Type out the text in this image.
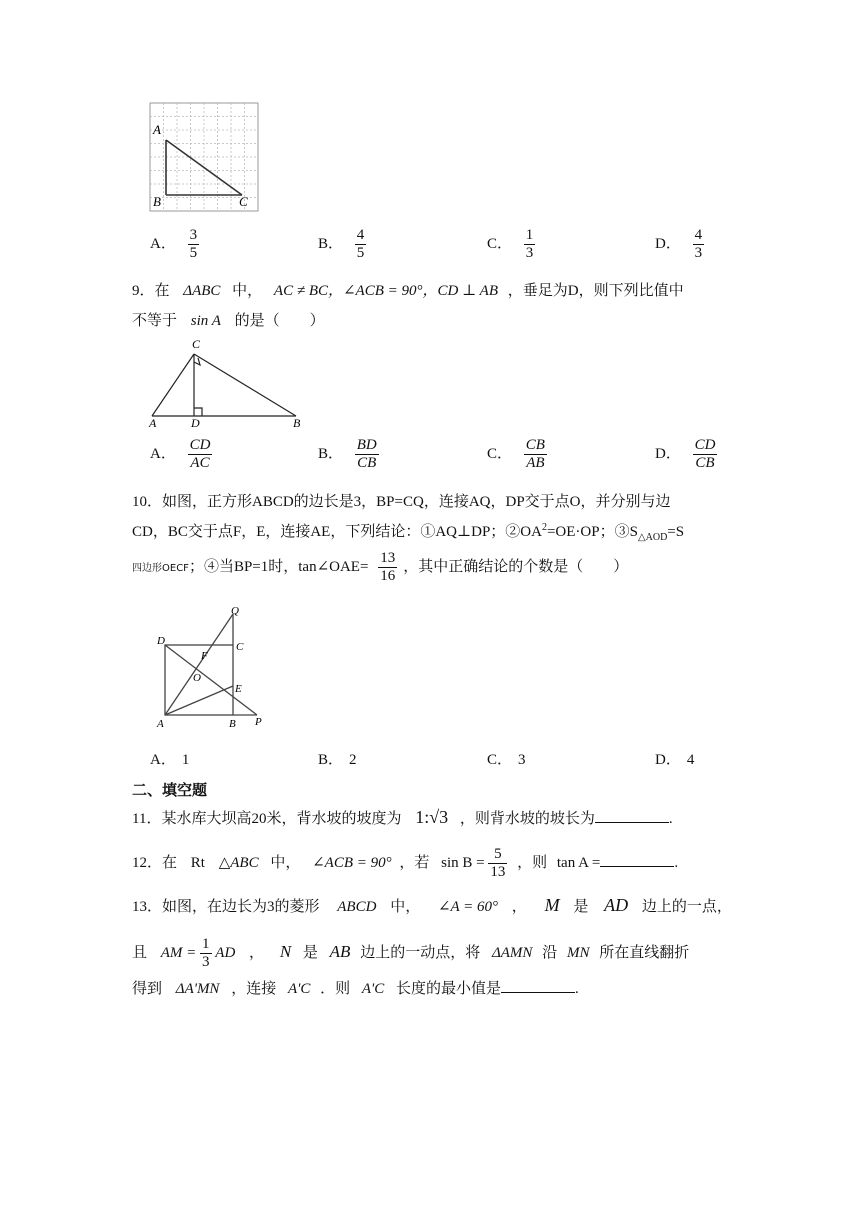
A
B	C
A． $\frac{3}{5}$	B． $\frac{4}{5}$	C． $\frac{1}{3}$	D． $\frac{4}{3}$
9．在 ΔABC 中， AC ≠ BC，∠ACB = 90°，CD ⊥ AB ，垂足为D，则下列比值中
不等于 sin A 的是（　　）
C
A	D	B
A． $\frac{CD}{AC}$	B． $\frac{BD}{CB}$	C． $\frac{CB}{AB}$	D． $\frac{CD}{CB}$
10．如图，正方形ABCD的边长是3，BP=CQ，连接AQ，DP交于点O，并分别与边
CD，BC交于点F，E，连接AE，下列结论：①AQ⊥DP；$②OA^2=OE\cdot OP$；$③S_{\triangle AOD}=S$
四边形OECF；④当BP=1时，tan∠OAE= $\frac{13}{16}$ ，其中正确结论的个数是（　　）
Q
D	C
F
O
E
A	B P
A． 1	B． 2	C． 3	D． 4
二、填空题
11．某水库大坝高20米，背水坡的坡度为 1:√3 ，则背水坡的坡长为	.
12．在 Rt △ABC 中， ∠ACB = 90° ，若 $\sin B = \frac{5}{13}$ ，则 tan A =	.
13．如图，在边长为3的菱形 ABCD 中， ∠A = 60° ， M 是 AD 边上的一点，
且 AM = $\frac{1}{3}$ AD ， N 是 AB 边上的一动点，将 ΔAMN 沿 MN 所在直线翻折
得到 ΔA'MN ，连接 A'C ．则 A'C 长度的最小值是	.
